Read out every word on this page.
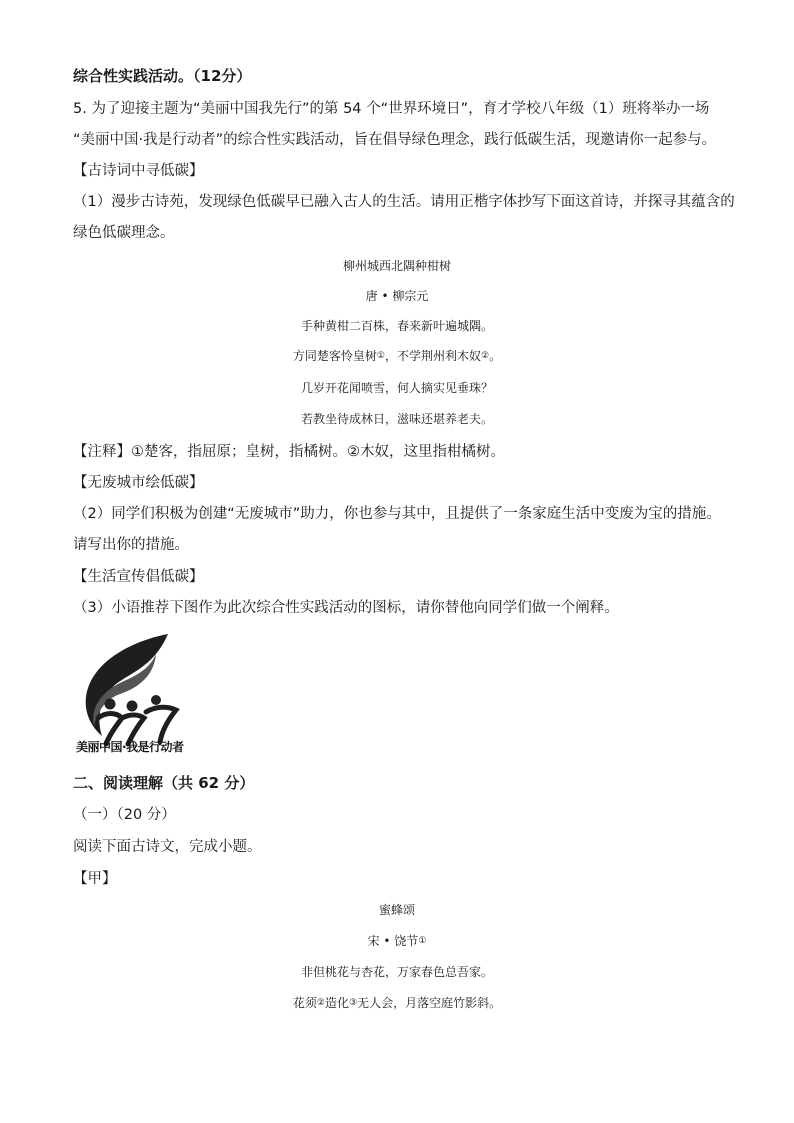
综合性实践活动。（12分）
5. 为了迎接主题为“美丽中国我先行”的第 54 个“世界环境日”，育才学校八年级（1）班将举办一场
“美丽中国·我是行动者”的综合性实践活动，旨在倡导绿色理念，践行低碳生活，现邀请你一起参与。
【古诗词中寻低碳】
（1）漫步古诗苑，发现绿色低碳早已融入古人的生活。请用正楷字体抄写下面这首诗，并探寻其蕴含的
绿色低碳理念。
柳州城西北隅种柑树
唐 • 柳宗元
手种黄柑二百株，春来新叶遍城隅。
方同楚客怜皇树①，不学荆州利木奴②。
几岁开花闻喷雪，何人摘实见垂珠？
若教坐待成林日，滋味还堪养老夫。
【注释】①楚客，指屈原；皇树，指橘树。②木奴，这里指柑橘树。
【无废城市绘低碳】
（2）同学们积极为创建“无废城市”助力，你也参与其中，且提供了一条家庭生活中变废为宝的措施。
请写出你的措施。
【生活宣传倡低碳】
（3）小语推荐下图作为此次综合性实践活动的图标，请你替他向同学们做一个阐释。
美丽中国·我是行动者
二、阅读理解（共 62 分）
（一）（20 分）
阅读下面古诗文，完成小题。
【甲】
蜜蜂颂
宋 • 饶节①
非但桃花与杏花，万家春色总吾家。
花须②造化③无人会，月落空庭竹影斜。
